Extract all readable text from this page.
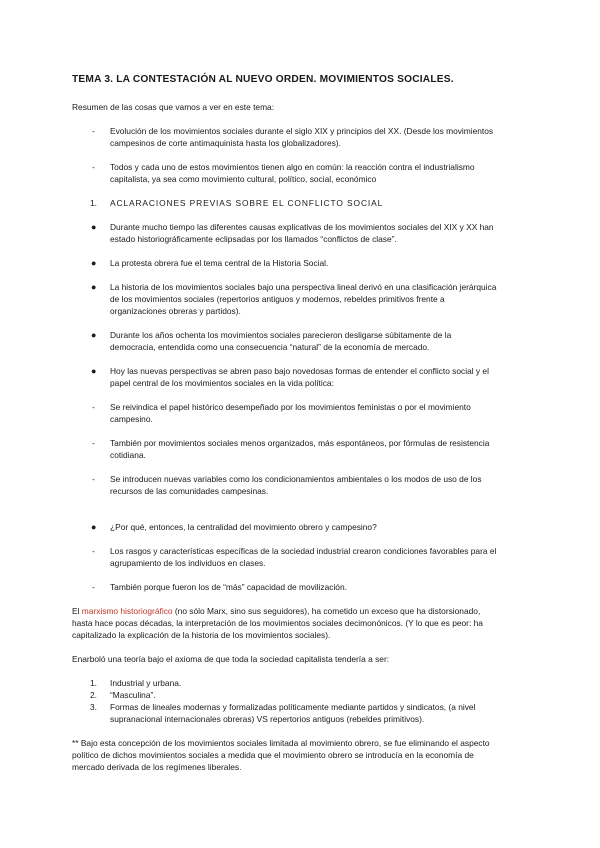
TEMA 3. LA CONTESTACIÓN AL NUEVO ORDEN. MOVIMIENTOS SOCIALES.
Resumen de las cosas que vamos a ver en este tema:
- Evolución de los movimientos sociales durante el siglo XIX y principios del XX. (Desde los movimientos
campesinos de corte antimaquinista hasta los globalizadores).
- Todos y cada uno de estos movimientos tienen algo en común: la reacción contra el industrialismo
capitalista, ya sea como movimiento cultural, político, social, económico
1. ACLARACIONES PREVIAS SOBRE EL CONFLICTO SOCIAL
● Durante mucho tiempo las diferentes causas explicativas de los movimientos sociales del XIX y XX han
estado historiográficamente eclipsadas por los llamados “conflictos de clase”.
● La protesta obrera fue el tema central de la Historia Social.
● La historia de los movimientos sociales bajo una perspectiva lineal derivó en una clasificación jerárquica
de los movimientos sociales (repertorios antiguos y modernos, rebeldes primitivos frente a
organizaciones obreras y partidos).
● Durante los años ochenta los movimientos sociales parecieron desligarse súbitamente de la
democracia, entendida como una consecuencia “natural” de la economía de mercado.
● Hoy las nuevas perspectivas se abren paso bajo novedosas formas de entender el conflicto social y el
papel central de los movimientos sociales en la vida política:
- Se reivindica el papel histórico desempeñado por los movimientos feministas o por el movimiento
campesino.
- También por movimientos sociales menos organizados, más espontáneos, por fórmulas de resistencia
cotidiana.
- Se introducen nuevas variables como los condicionamientos ambientales o los modos de uso de los
recursos de las comunidades campesinas.
● ¿Por qué, entonces, la centralidad del movimiento obrero y campesino?
- Los rasgos y características específicas de la sociedad industrial crearon condiciones favorables para el
agrupamiento de los individuos en clases.
- También porque fueron los de “más” capacidad de movilización.
El marxismo historiográfico (no sólo Marx, sino sus seguidores), ha cometido un exceso que ha distorsionado,
hasta hace pocas décadas, la interpretación de los movimientos sociales decimonónicos. (Y lo que es peor: ha
capitalizado la explicación de la historia de los movimientos sociales).
Enarboló una teoría bajo el axioma de que toda la sociedad capitalista tendería a ser:
1. Industrial y urbana.
2. “Masculina”.
3. Formas de lineales modernas y formalizadas políticamente mediante partidos y sindicatos, (a nivel
supranacional internacionales obreras) VS repertorios antiguos (rebeldes primitivos).
** Bajo esta concepción de los movimientos sociales limitada al movimiento obrero, se fue eliminando el aspecto
político de dichos movimientos sociales a medida que el movimiento obrero se introducía en la economía de
mercado derivada de los regímenes liberales.
